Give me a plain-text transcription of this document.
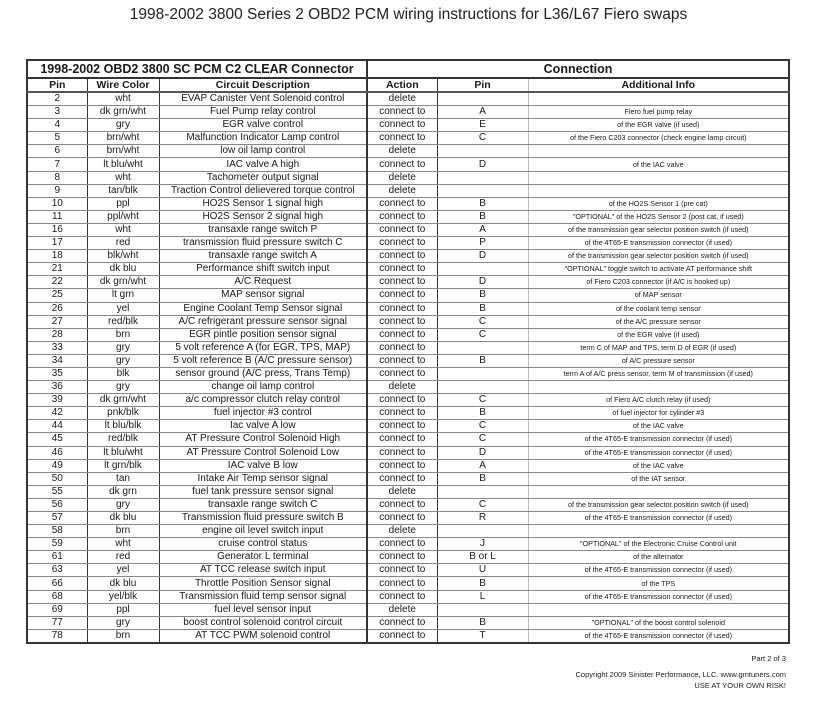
1998-2002 3800 Series 2 OBD2 PCM wiring instructions for L36/L67 Fiero swaps
1998-2002 OBD2 3800 SC PCM C2 CLEAR Connector			Connection		
Pin	Wire Color	Circuit Description	Action	Pin	Additional Info
2	wht	EVAP Canister Vent Solenoid control	delete		
3	dk grn/wht	Fuel Pump relay control	connect to	A	Fiero fuel pump relay
4	gry	EGR valve control	connect to	E	of the EGR valve (if used)
5	brn/wht	Malfunction Indicator Lamp control	connect to	C	of the Fiero C203 connector (check engine lamp circuit)
6	brn/wht	low oil lamp control	delete		
7	lt blu/wht	IAC valve A high	connect to	D	of the IAC valve
8	wht	Tachometer output signal	delete		
9	tan/blk	Traction Control delievered torque control	delete		
10	ppl	HO2S Sensor 1 signal high	connect to	B	of the HO2S Sensor 1 (pre cat)
11	ppl/wht	HO2S Sensor 2 signal high	connect to	B	"OPTIONAL" of the HO2S Sensor 2 (post cat, if used)
16	wht	transaxle range switch P	connect to	A	of the transmission gear selector position switch (if used)
17	red	transmission fluid pressure switch C	connect to	P	of the 4T65-E transmission connector (if used)
18	blk/wht	transaxle range switch A	connect to	D	of the transmission gear selector position switch (if used)
21	dk blu	Performance shift switch input	connect to		"OPTIONAL" toggle switch to activate AT performance shift
22	dk grn/wht	A/C Request	connect to	D	of Fiero C203 connector (if A/C is hooked up)
25	lt grn	MAP sensor signal	connect to	B	of MAP sensor
26	yel	Engine Coolant Temp Sensor signal	connect to	B	of the coolant temp sensor
27	red/blk	A/C refrigerant pressure sensor signal	connect to	C	of the A/C pressure sensor
28	brn	EGR pintle position sensor signal	connect to	C	of the EGR valve (if used)
33	gry	5 volt reference A (for EGR, TPS, MAP)	connect to		term C of MAP and TPS, term D of EGR (if used)
34	gry	5 volt reference B (A/C pressure sensor)	connect to	B	of A/C pressure sensor
35	blk	sensor ground (A/C press, Trans Temp)	connect to		term A of A/C press sensor, term M of transmission (if used)
36	gry	change oil lamp control	delete		
39	dk grn/wht	a/c compressor clutch relay control	connect to	C	of Fiero A/C clutch relay (if used)
42	pnk/blk	fuel injector #3 control	connect to	B	of fuel injector for cylinder #3
44	lt blu/blk	Iac valve A low	connect to	C	of the IAC valve
45	red/blk	AT Pressure Control Solenoid High	connect to	C	of the 4T65-E transmission connector (if used)
46	lt blu/wht	AT Pressure Control Solenoid Low	connect to	D	of the 4T65-E transmission connector (if used)
49	lt grn/blk	IAC valve B low	connect to	A	of the IAC valve
50	tan	Intake Air Temp sensor signal	connect to	B	of the IAT sensor
55	dk grn	fuel tank pressure sensor signal	delete		
56	gry	transaxle range switch C	connect to	C	of the transmission gear selector position switch (if used)
57	dk blu	Transmission fluid pressure switch B	connect to	R	of the 4T65-E transmission connector (if used)
58	brn	engine oil level switch input	delete		
59	wht	cruise control status	connect to	J	"OPTIONAL" of the Electronic Cruise Control unit
61	red	Generator L terminal	connect to	B or L	of the alternator
63	yel	AT TCC release switch input	connect to	U	of the 4T65-E transmission connector (if used)
66	dk blu	Throttle Position Sensor signal	connect to	B	of the TPS
68	yel/blk	Transmission fluid temp sensor signal	connect to	L	of the 4T65-E transmission connector (if used)
69	ppl	fuel level sensor input	delete		
77	gry	boost control solenoid control circuit	connect to	B	"OPTIONAL" of the boost control solenoid
78	brn	AT TCC PWM solenoid control	connect to	T	of the 4T65-E transmission connector (if used)
Part 2 of 3
Copyright 2009 Sinister Performance, LLC. www.gmtuners.com
USE AT YOUR OWN RISK!
